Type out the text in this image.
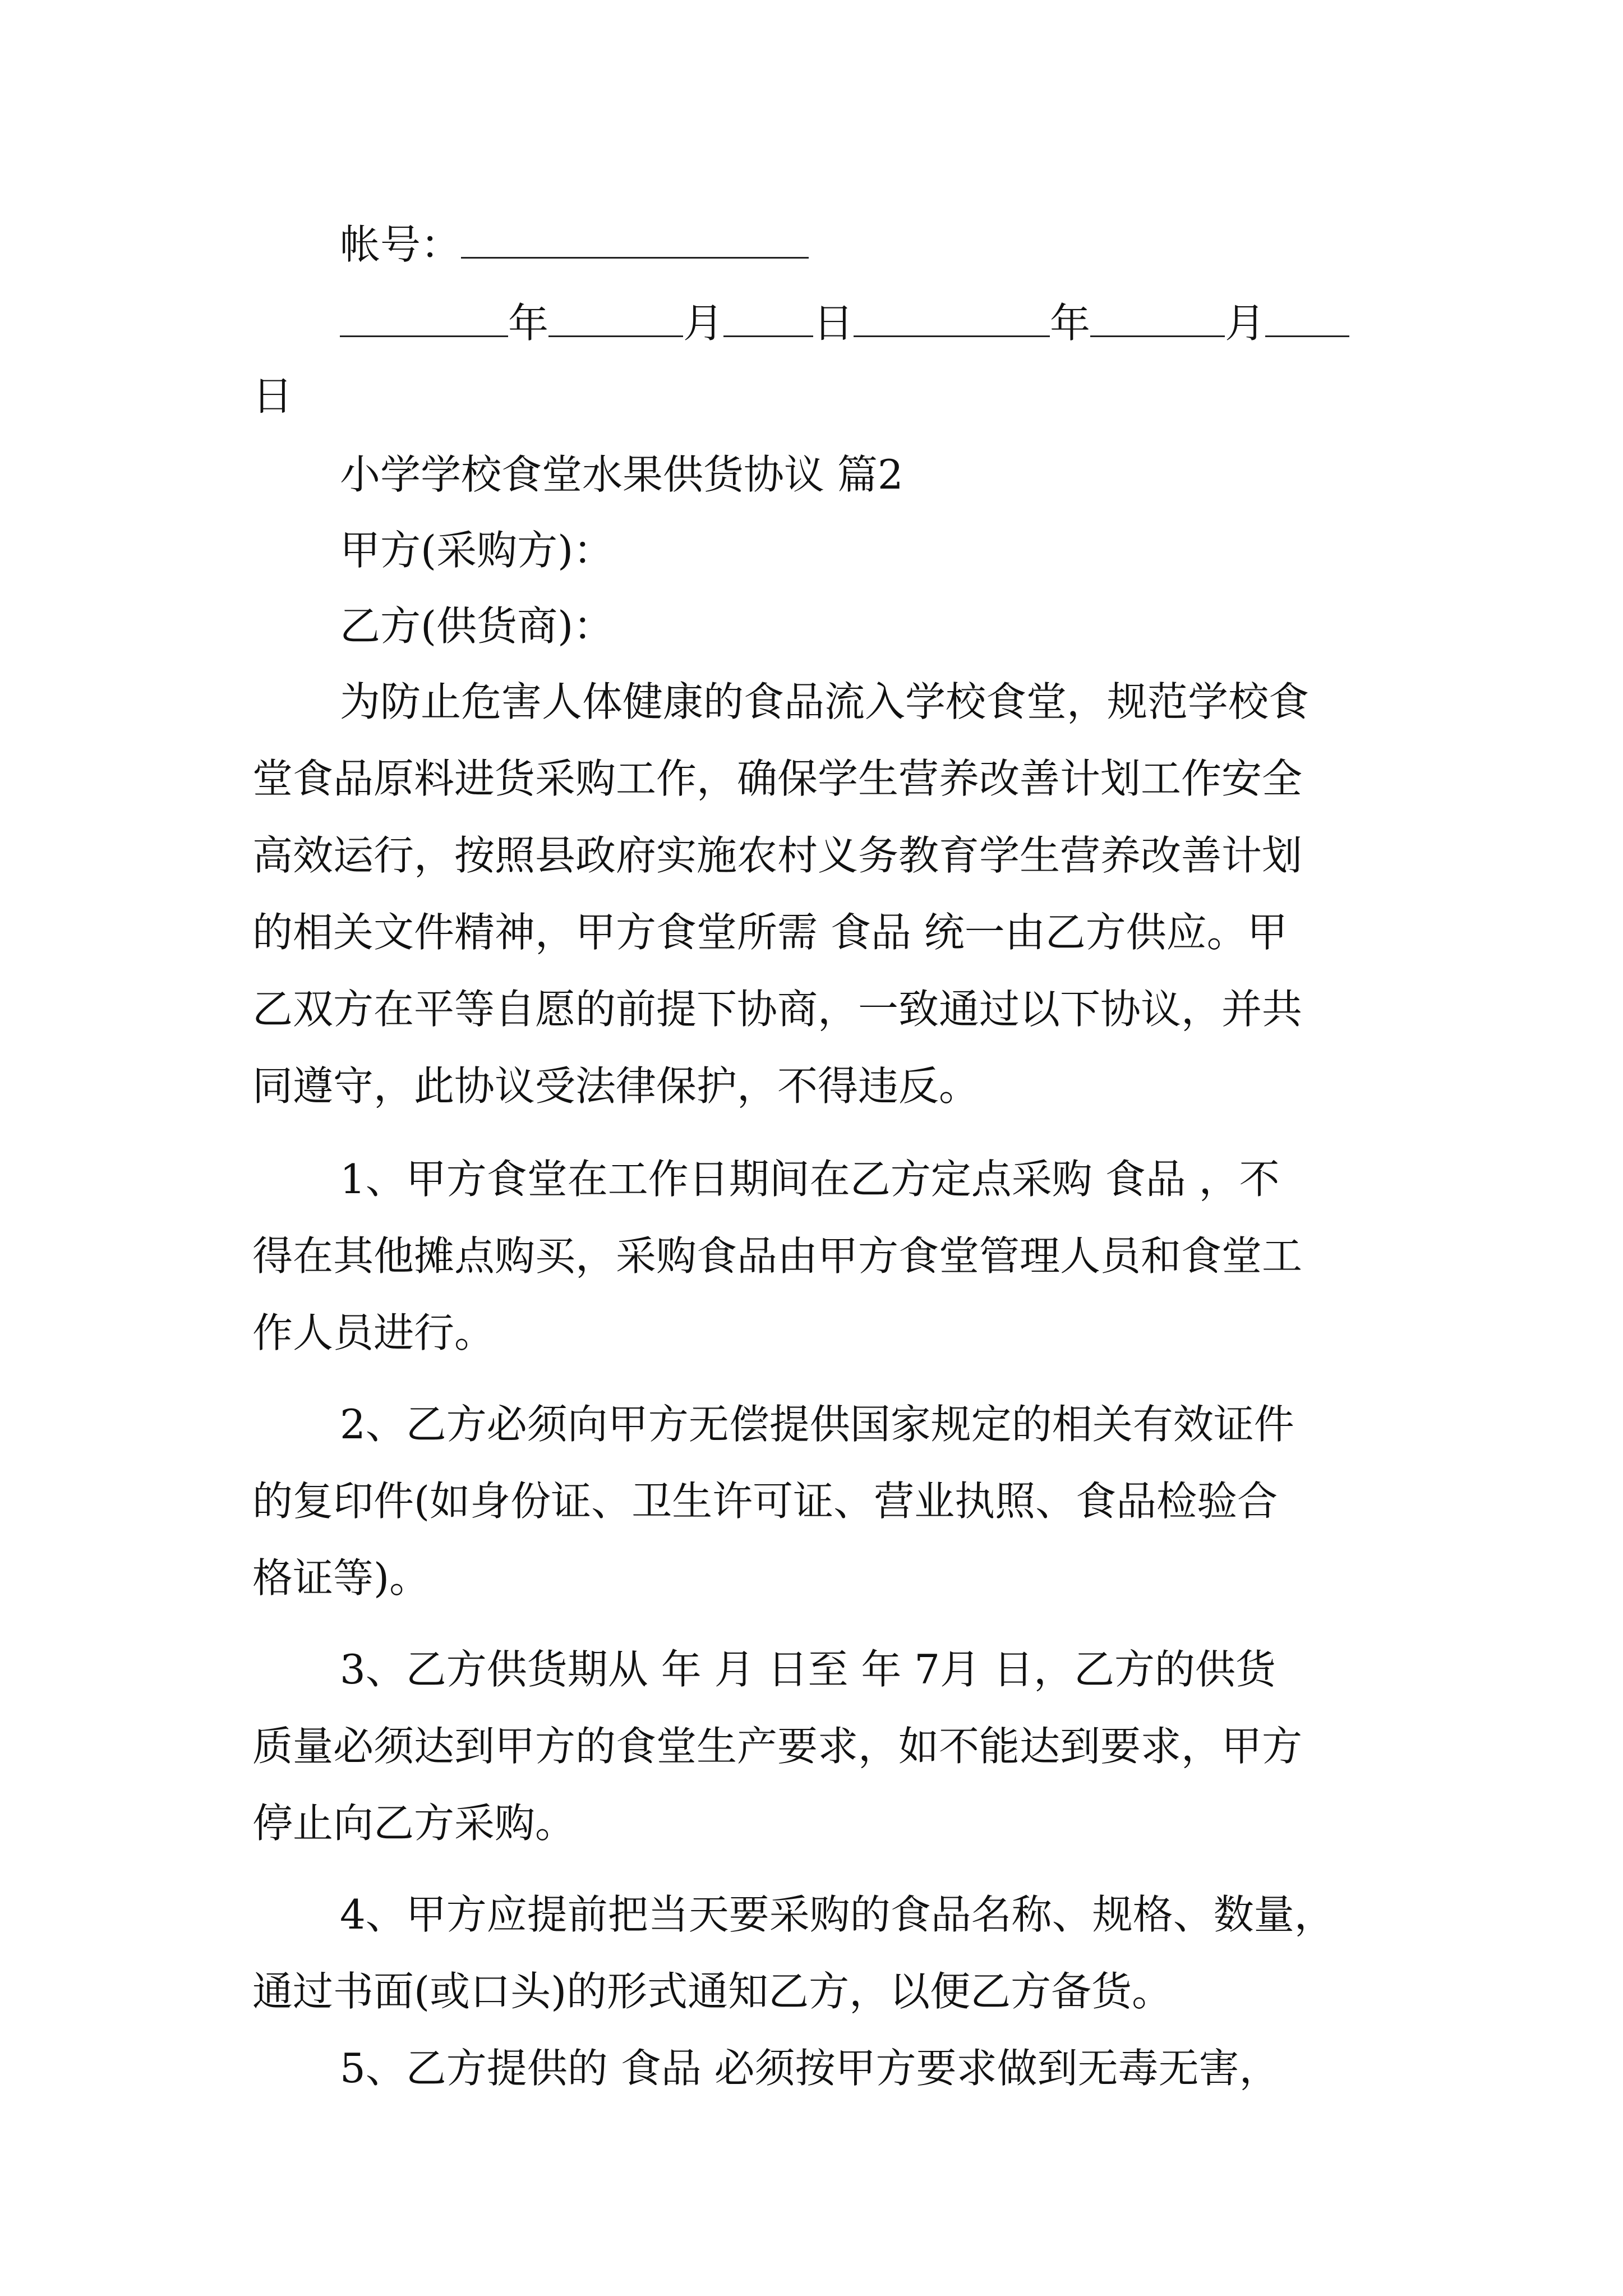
帐号：
年	月 日	年	月
日
小学学校食堂水果供货协议 篇2
甲方(采购方)：
乙方(供货商)：
为防止危害人体健康的食品流入学校食堂，规范学校食
堂食品原料进货采购工作，确保学生营养改善计划工作安全
高效运行，按照县政府实施农村义务教育学生营养改善计划
的相关文件精神，甲方食堂所需 食品 统一由乙方供应。甲
乙双方在平等自愿的前提下协商，一致通过以下协议，并共
同遵守，此协议受法律保护，不得违反。
1、甲方食堂在工作日期间在乙方定点采购 食品 ，不
得在其他摊点购买，采购食品由甲方食堂管理人员和食堂工
作人员进行。
2、乙方必须向甲方无偿提供国家规定的相关有效证件
的复印件(如身份证、卫生许可证、营业执照、食品检验合
格证等)。
3、乙方供货期从 年 月 日至 年 7月 日，乙方的供货
质量必须达到甲方的食堂生产要求，如不能达到要求，甲方
停止向乙方采购。
4、甲方应提前把当天要采购的食品名称、规格、数量，
通过书面(或口头)的形式通知乙方，以便乙方备货。
5、乙方提供的 食品 必须按甲方要求做到无毒无害，
